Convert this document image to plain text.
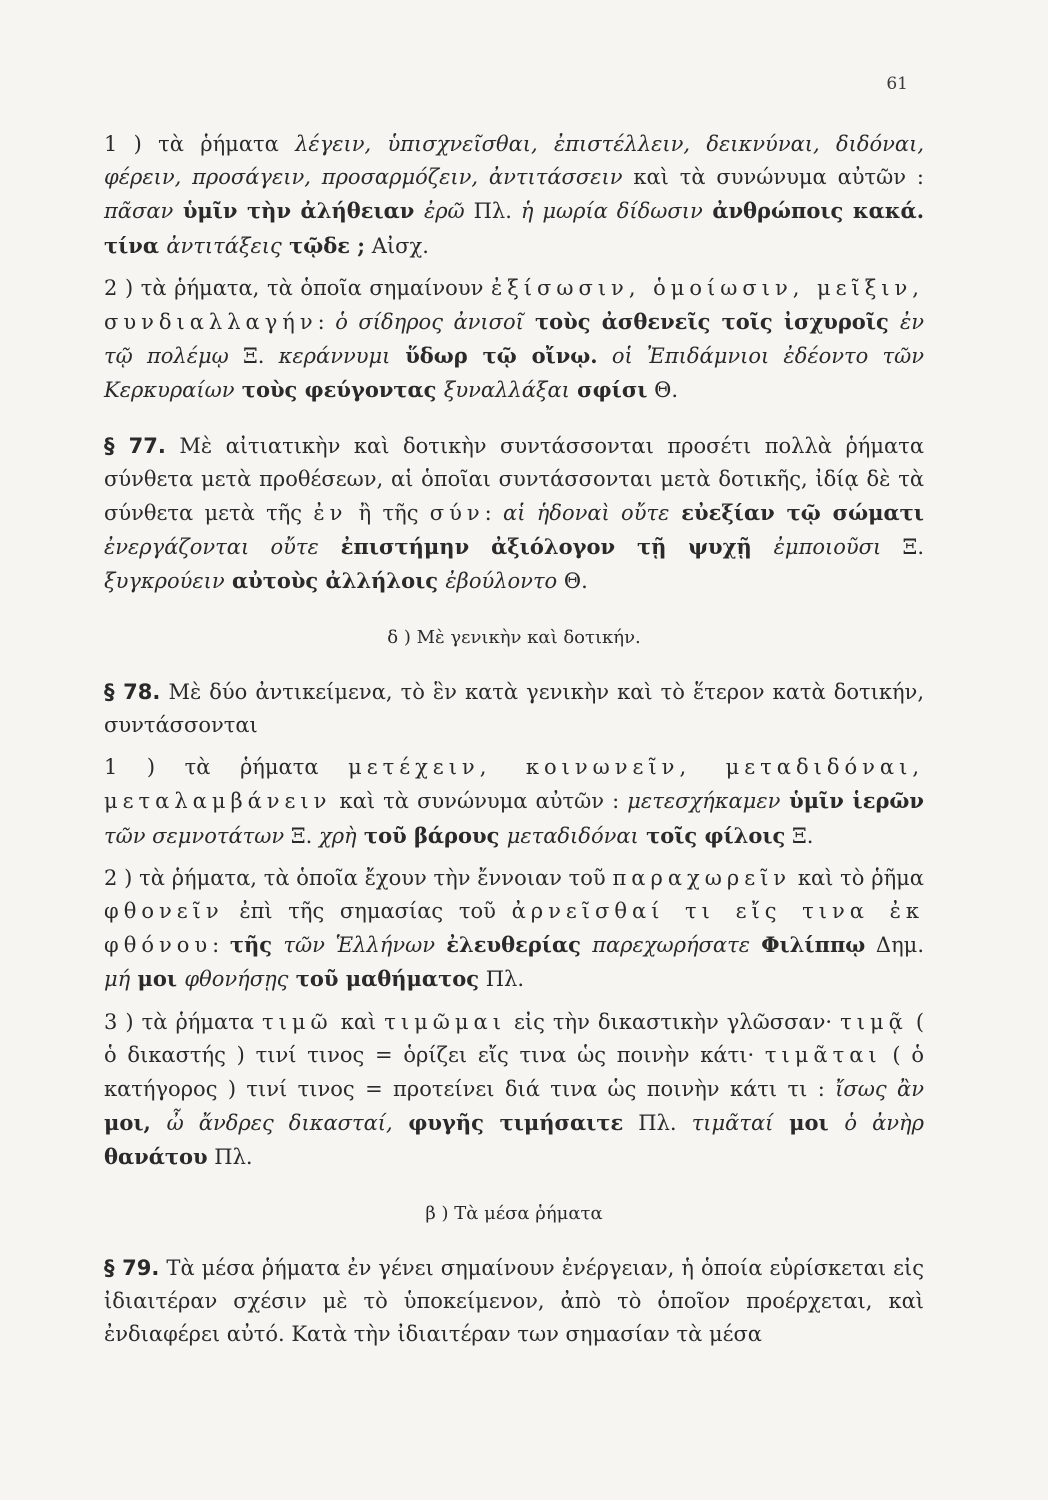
61

1 ) τὰ ῥήματα λέγειν, ὑπισχνεῖσθαι, ἐπιστέλλειν, δεικνύναι, διδόναι, φέρειν, προσάγειν, προσαρμόζειν, ἀντιτάσσειν καὶ τὰ συνώνυμα αὐτῶν : πᾶσαν ὑμῖν τὴν ἀλήθειαν ἐρῶ Πλ. ἡ μωρία δίδωσιν ἀνθρώποις κακά. τίνα ἀντιτάξεις τῷδε ; Αἰσχ.

2 ) τὰ ῥήματα, τὰ ὁποῖα σημαίνουν ἐξίσωσιν, ὁμοίωσιν, μεῖξιν, συνδιαλλαγήν: ὁ σίδηρος ἀνισοῖ τοὺς ἀσθενεῖς τοῖς ἰσχυροῖς ἐν τῷ πολέμῳ Ξ. κεράννυμι ὕδωρ τῷ οἴνῳ. οἱ Ἐπιδάμνιοι ἐδέοντο τῶν Κερκυραίων τοὺς φεύγοντας ξυναλλάξαι σφίσι Θ.

§ 77. Μὲ αἰτιατικὴν καὶ δοτικὴν συντάσσονται προσέτι πολλὰ ῥήματα σύνθετα μετὰ προθέσεων, αἱ ὁποῖαι συντάσσονται μετὰ δοτικῆς, ἰδίᾳ δὲ τὰ σύνθετα μετὰ τῆς ἐν ἢ τῆς σύν: αἱ ἡδοναὶ οὔτε εὐεξίαν τῷ σώματι ἐνεργάζονται οὔτε ἐπιστήμην ἀξιόλογον τῇ ψυχῇ ἐμποιοῦσι Ξ. ξυγκρούειν αὐτοὺς ἀλλήλοις ἐβούλοντο Θ.

δ ) Μὲ γενικὴν καὶ δοτικήν.

§ 78. Μὲ δύο ἀντικείμενα, τὸ ἓν κατὰ γενικὴν καὶ τὸ ἕτερον κατὰ δοτικήν, συντάσσονται

1 ) τὰ ῥήματα μετέχειν, κοινωνεῖν, μεταδιδόναι, μεταλαμβάνειν καὶ τὰ συνώνυμα αὐτῶν : μετεσχήκαμεν ὑμῖν ἱερῶν τῶν σεμνοτάτων Ξ. χρὴ τοῦ βάρους μεταδιδόναι τοῖς φίλοις Ξ.

2 ) τὰ ῥήματα, τὰ ὁποῖα ἔχουν τὴν ἔννοιαν τοῦ παραχωρεῖν καὶ τὸ ῥῆμα φθονεῖν ἐπὶ τῆς σημασίας τοῦ ἀρνεῖσθαί τι εἴς τινα ἐκ φθόνου: τῆς τῶν Ἑλλήνων ἐλευθερίας παρεχωρήσατε Φιλίππῳ Δημ. μή μοι φθονήσῃς τοῦ μαθήματος Πλ.

3 ) τὰ ῥήματα τιμῶ καὶ τιμῶμαι εἰς τὴν δικαστικὴν γλῶσσαν· τιμᾷ ( ὁ δικαστής ) τινί τινος = ὁρίζει εἴς τινα ὡς ποινὴν κάτι· τιμᾶται ( ὁ κατήγορος ) τινί τινος = προτείνει διά τινα ὡς ποινὴν κάτι τι : ἴσως ἂν μοι, ὦ ἄνδρες δικασταί, φυγῆς τιμήσαιτε Πλ. τιμᾶταί μοι ὁ ἀνὴρ θανάτου Πλ.

β ) Τὰ μέσα ῥήματα

§ 79. Τὰ μέσα ῥήματα ἐν γένει σημαίνουν ἐνέργειαν, ἡ ὁποία εὑρίσκεται εἰς ἰδιαιτέραν σχέσιν μὲ τὸ ὑποκείμενον, ἀπὸ τὸ ὁποῖον προέρχεται, καὶ ἐνδιαφέρει αὐτό. Κατὰ τὴν ἰδιαιτέραν των σημασίαν τὰ μέσα
